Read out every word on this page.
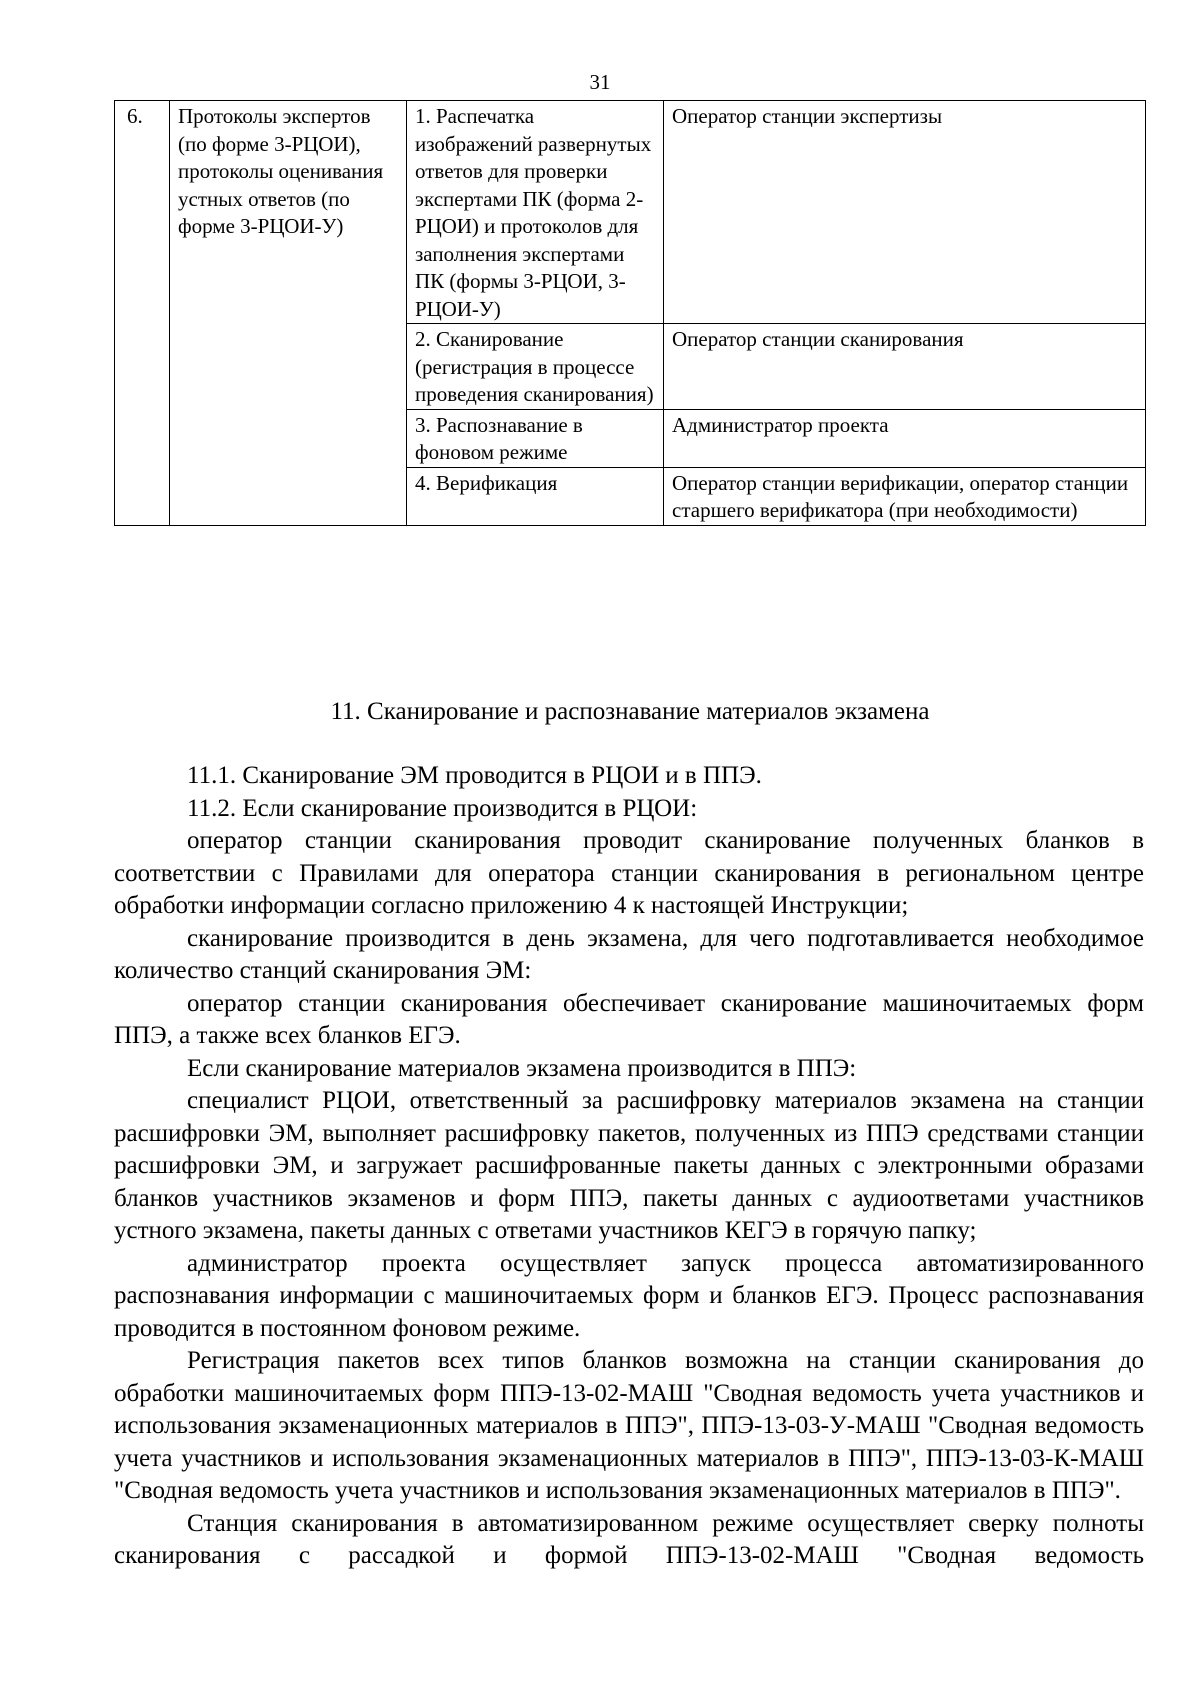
31
6.	Протоколы экспертов (по форме 3-РЦОИ), протоколы оценивания устных ответов (по форме 3-РЦОИ-У)	1. Распечатка изображений развернутых ответов для проверки экспертами ПК (форма 2-РЦОИ) и протоколов для заполнения экспертами ПК (формы 3-РЦОИ, 3-РЦОИ-У)	Оператор станции экспертизы
		2. Сканирование (регистрация в процессе проведения сканирования)	Оператор станции сканирования
		3. Распознавание в фоновом режиме	Администратор проекта
		4. Верификация	Оператор станции верификации, оператор станции старшего верификатора (при необходимости)
11. Сканирование и распознавание материалов экзамена

11.1. Сканирование ЭМ проводится в РЦОИ и в ППЭ.

11.2. Если сканирование производится в РЦОИ:

оператор станции сканирования проводит сканирование полученных бланков в соответствии с Правилами для оператора станции сканирования в региональном центре обработки информации согласно приложению 4 к настоящей Инструкции;

сканирование производится в день экзамена, для чего подготавливается необходимое количество станций сканирования ЭМ:

оператор станции сканирования обеспечивает сканирование машиночитаемых форм ППЭ, а также всех бланков ЕГЭ.

Если сканирование материалов экзамена производится в ППЭ:

специалист РЦОИ, ответственный за расшифровку материалов экзамена на станции расшифровки ЭМ, выполняет расшифровку пакетов, полученных из ППЭ средствами станции расшифровки ЭМ, и загружает расшифрованные пакеты данных с электронными образами бланков участников экзаменов и форм ППЭ, пакеты данных с аудиоответами участников устного экзамена, пакеты данных с ответами участников КЕГЭ в горячую папку;

администратор проекта осуществляет запуск процесса автоматизированного распознавания информации с машиночитаемых форм и бланков ЕГЭ. Процесс распознавания проводится в постоянном фоновом режиме.

Регистрация пакетов всех типов бланков возможна на станции сканирования до обработки машиночитаемых форм ППЭ-13-02-МАШ "Сводная ведомость учета участников и использования экзаменационных материалов в ППЭ", ППЭ-13-03-У-МАШ "Сводная ведомость учета участников и использования экзаменационных материалов в ППЭ", ППЭ-13-03-К-МАШ "Сводная ведомость учета участников и использования экзаменационных материалов в ППЭ".

Станция сканирования в автоматизированном режиме осуществляет сверку полноты сканирования с рассадкой и формой ППЭ-13-02-МАШ "Сводная ведомость
